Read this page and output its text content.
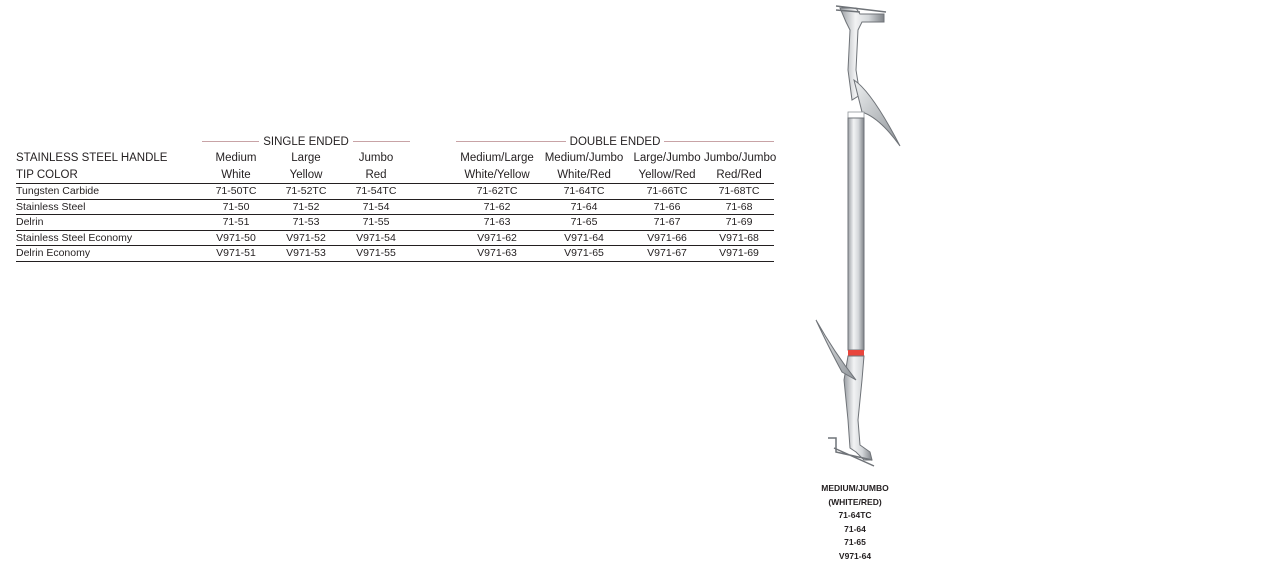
	SINGLE ENDED				DOUBLE ENDED			

STAINLESS STEEL HANDLE	Medium	Large	Jumbo		Medium/Large	Medium/Jumbo	Large/Jumbo	Jumbo/Jumbo
TIP COLOR	White	Yellow	Red		White/Yellow	White/Red	Yellow/Red	Red/Red
Tungsten Carbide	71-50TC	71-52TC	71-54TC		71-62TC	71-64TC	71-66TC	71-68TC
Stainless Steel	71-50	71-52	71-54		71-62	71-64	71-66	71-68
Delrin	71-51	71-53	71-55		71-63	71-65	71-67	71-69
Stainless Steel Economy	V971-50	V971-52	V971-54		V971-62	V971-64	V971-66	V971-68
Delrin Economy	V971-51	V971-53	V971-55		V971-63	V971-65	V971-67	V971-69
MEDIUM/JUMBO
(WHITE/RED)
71-64TC
71-64
71-65
V971-64
